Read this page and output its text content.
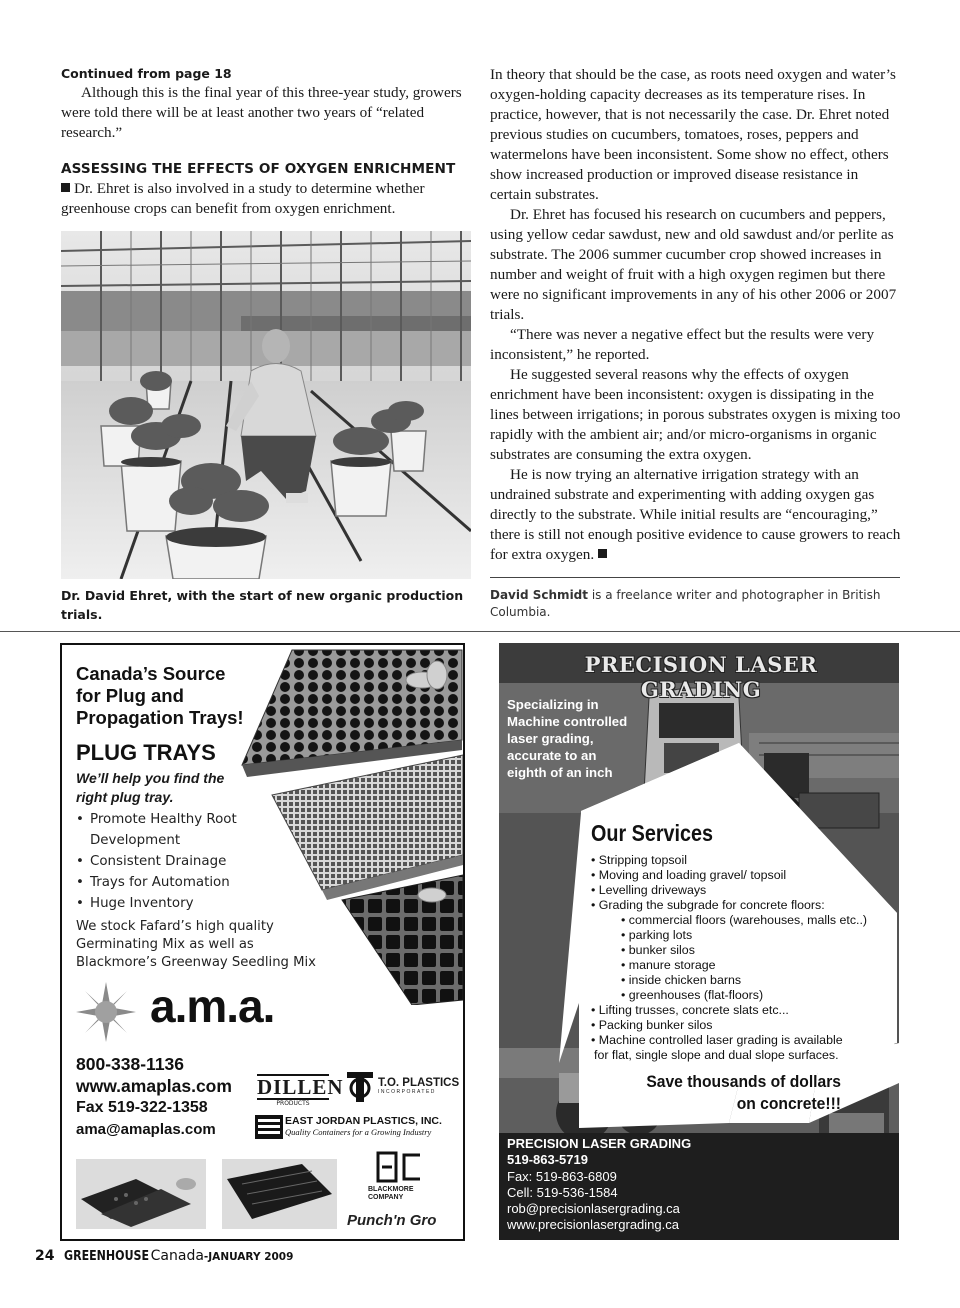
Continued from page 18

Although this is the final year of this three-year study, growers were told there will be at least another two years of “related research.”

ASSESSING THE EFFECTS OF OXYGEN ENRICHMENT

Dr. Ehret is also involved in a study to determine whether greenhouse crops can benefit from oxygen enrichment.

Dr. David Ehret, with the start of new organic production trials.

In theory that should be the case, as roots need oxygen and water’s oxygen-holding capacity decreases as its temperature rises. In practice, however, that is not necessarily the case. Dr. Ehret noted previous studies on cucumbers, tomatoes, roses, peppers and watermelons have been inconsistent. Some show no effect, others show increased production or improved disease resistance in certain substrates.

Dr. Ehret has focused his research on cucumbers and peppers, using yellow cedar sawdust, new and old sawdust and/or perlite as substrate. The 2006 summer cucumber crop showed increases in number and weight of fruit with a high oxygen regimen but there were no significant improvements in any of his other 2006 or 2007 trials.

“There was never a negative effect but the results were very inconsistent,” he reported.

He suggested several reasons why the effects of oxygen enrichment have been inconsistent: oxygen is dissipating in the lines between irrigations; in porous substrates oxygen is mixing too rapidly with the ambient air; and/or micro-organisms in organic substrates are consuming the extra oxygen.

He is now trying an alternative irrigation strategy with an undrained substrate and experimenting with adding oxygen gas directly to the substrate. While initial results are “encouraging,” there is still not enough positive evidence to cause growers to reach for extra oxygen.

David Schmidt is a freelance writer and photographer in British Columbia.
Canada’s Source for Plug and Propagation Trays!
PLUG TRAYS
We’ll help you find the right plug tray.
• Promote Healthy Root Development
• Consistent Drainage
• Trays for Automation
• Huge Inventory
We stock Fafard’s high quality Germinating Mix as well as Blackmore’s Greenway Seedling Mix
a.m.a.
800-338-1136
www.amaplas.com
Fax 519-322-1358
ama@amaplas.com
DILLEN
PRODUCTS
T.O. PLASTICS
INCORPORATED
EAST JORDAN PLASTICS, INC.
Quality Containers for a Growing Industry
BLACKMORE COMPANY
Punch'n Gro
PRECISION LASER GRADING
Specializing in Machine controlled laser grading, accurate to an eighth of an inch
Our Services
• Stripping topsoil
• Moving and loading gravel/ topsoil
• Levelling driveways
• Grading the subgrade for concrete floors:
• commercial floors (warehouses, malls etc..)
• parking lots
• bunker silos
• manure storage
• inside chicken barns
• greenhouses (flat-floors)
• Lifting trusses, concrete slats etc...
• Packing bunker silos
• Machine controlled laser grading is available
for flat, single slope and dual slope surfaces.
Save thousands of dollars
on concrete!!!
PRECISION LASER GRADING
519-863-5719
Fax: 519-863-6809
Cell: 519-536-1584
rob@precisionlasergrading.ca
www.precisionlasergrading.ca
24 GREENHOUSE Canada-JANUARY 2009
